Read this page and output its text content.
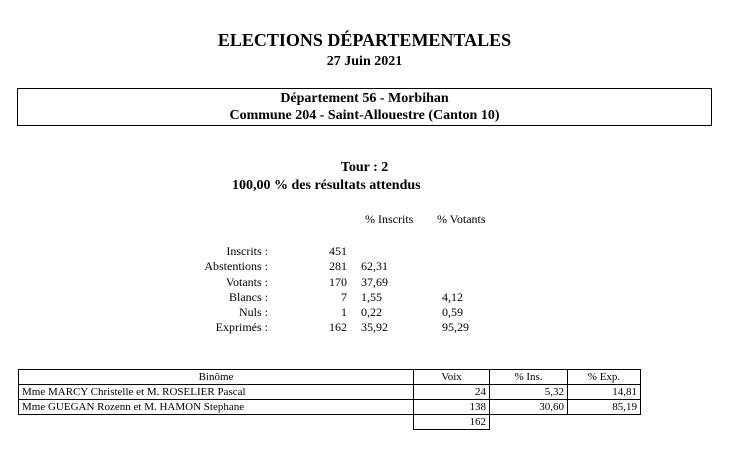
ELECTIONS DÉPARTEMENTALES
27 Juin 2021
Département 56 - Morbihan
Commune 204 - Saint-Allouestre (Canton 10)
Tour : 2
100,00 % des résultats attendus
% Inscrits % Votants
Inscrits :	451
Abstentions :	281 62,31
Votants :	170 37,69
Blancs :	7 1,55	4,12
Nuls :	1 0,22	0,59
Exprimés :	162 35,92	95,29
Binôme	Voix	% Ins.	% Exp.
Mme MARCY Christelle et M. ROSELIER Pascal	24	5,32	14,81
Mme GUEGAN Rozenn et M. HAMON Stephane	138	30,60	85,19
	162		
